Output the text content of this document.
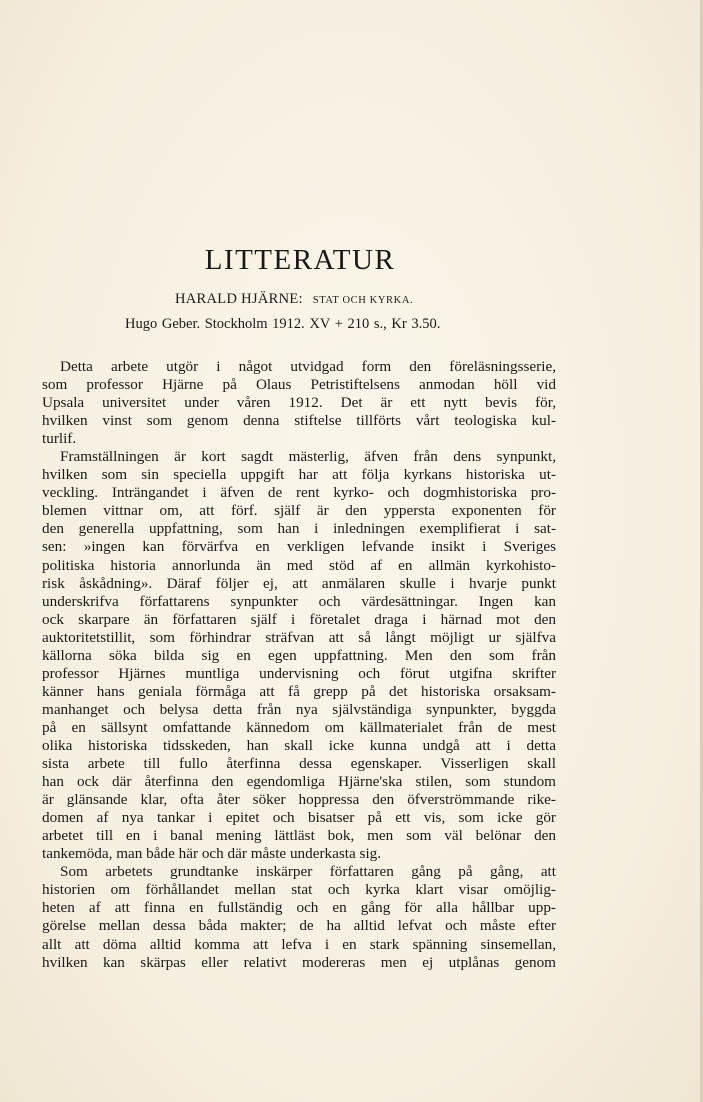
LITTERATUR
HARALD HJÄRNE: STAT OCH KYRKA.
Hugo Geber. Stockholm 1912. XV + 210 s., Kr 3.50.
Detta arbete utgör i något utvidgad form den föreläsningsserie,
som professor Hjärne på Olaus Petristiftelsens anmodan höll vid
Upsala universitet under våren 1912. Det är ett nytt bevis för,
hvilken vinst som genom denna stiftelse tillförts vårt teologiska kul-
turlif.
Framställningen är kort sagdt mästerlig, äfven från dens synpunkt,
hvilken som sin speciella uppgift har att följa kyrkans historiska ut-
veckling. Inträngandet i äfven de rent kyrko- och dogmhistoriska pro-
blemen vittnar om, att förf. själf är den yppersta exponenten för
den generella uppfattning, som han i inledningen exemplifierat i sat-
sen: »ingen kan förvärfva en verkligen lefvande insikt i Sveriges
politiska historia annorlunda än med stöd af en allmän kyrkohisto-
risk åskådning». Däraf följer ej, att anmälaren skulle i hvarje punkt
underskrifva författarens synpunkter och värdesättningar. Ingen kan
ock skarpare än författaren själf i företalet draga i härnad mot den
auktoritetstillit, som förhindrar sträfvan att så långt möjligt ur själfva
källorna söka bilda sig en egen uppfattning. Men den som från
professor Hjärnes muntliga undervisning och förut utgifna skrifter
känner hans geniala förmåga att få grepp på det historiska orsaksam-
manhanget och belysa detta från nya självständiga synpunkter, byggda
på en sällsynt omfattande kännedom om källmaterialet från de mest
olika historiska tidsskeden, han skall icke kunna undgå att i detta
sista arbete till fullo återfinna dessa egenskaper. Visserligen skall
han ock där återfinna den egendomliga Hjärne'ska stilen, som stundom
är glänsande klar, ofta åter söker hoppressa den öfverströmmande rike-
domen af nya tankar i epitet och bisatser på ett vis, som icke gör
arbetet till en i banal mening lättläst bok, men som väl belönar den
tankemöda, man både här och där måste underkasta sig.
Som arbetets grundtanke inskärper författaren gång på gång, att
historien om förhållandet mellan stat och kyrka klart visar omöjlig-
heten af att finna en fullständig och en gång för alla hållbar upp-
görelse mellan dessa båda makter; de ha alltid lefvat och måste efter
allt att döma alltid komma att lefva i en stark spänning sinsemellan,
hvilken kan skärpas eller relativt modereras men ej utplånas genom
